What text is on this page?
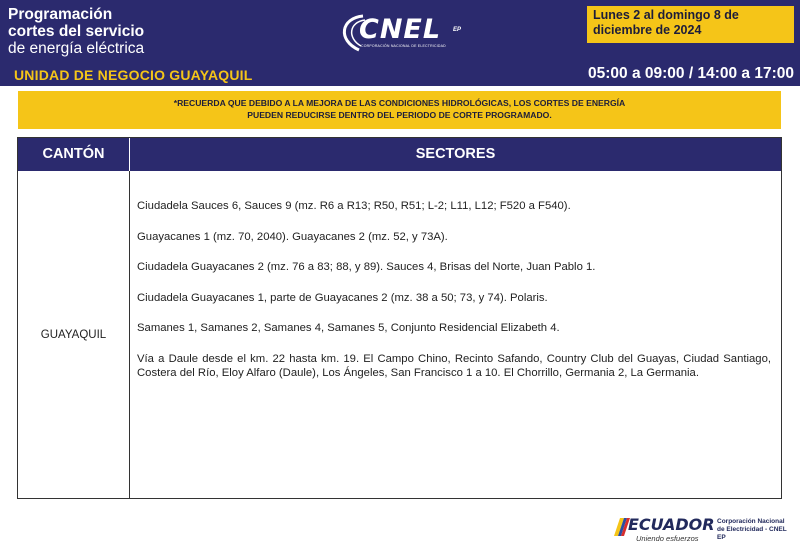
Programación
cortes del servicio
de energía eléctrica
UNIDAD DE NEGOCIO GUAYAQUIL
CNEL EP
CORPORACIÓN NACIONAL DE ELECTRICIDAD
Lunes 2 al domingo 8 de
diciembre de 2024
05:00 a 09:00 / 14:00 a 17:00
*RECUERDA QUE DEBIDO A LA MEJORA DE LAS CONDICIONES HIDROLÓGICAS, LOS CORTES DE ENERGÍA
PUEDEN REDUCIRSE DENTRO DEL PERIODO DE CORTE PROGRAMADO.
CANTÓN	SECTORES
GUAYAQUIL

Ciudadela Sauces 6, Sauces 9 (mz. R6 a R13; R50, R51; L-2; L11, L12; F520 a F540).

Guayacanes 1 (mz. 70, 2040). Guayacanes 2 (mz. 52, y 73A).

Ciudadela Guayacanes 2 (mz. 76 a 83; 88, y 89). Sauces 4, Brisas del Norte, Juan Pablo 1.

Ciudadela Guayacanes 1, parte de Guayacanes 2 (mz. 38 a 50; 73, y 74). Polaris.

Samanes 1, Samanes 2, Samanes 4, Samanes 5, Conjunto Residencial Elizabeth 4.

Vía a Daule desde el km. 22 hasta km. 19. El Campo Chino, Recinto Safando, Country Club del Guayas, Ciudad Santiago, Costera del Río, Eloy Alfaro (Daule), Los Ángeles, San Francisco 1 a 10. El Chorrillo, Germania 2, La Germania.

ECUADOR
Uniendo esfuerzos
Corporación Nacional
de Electricidad - CNEL EP
